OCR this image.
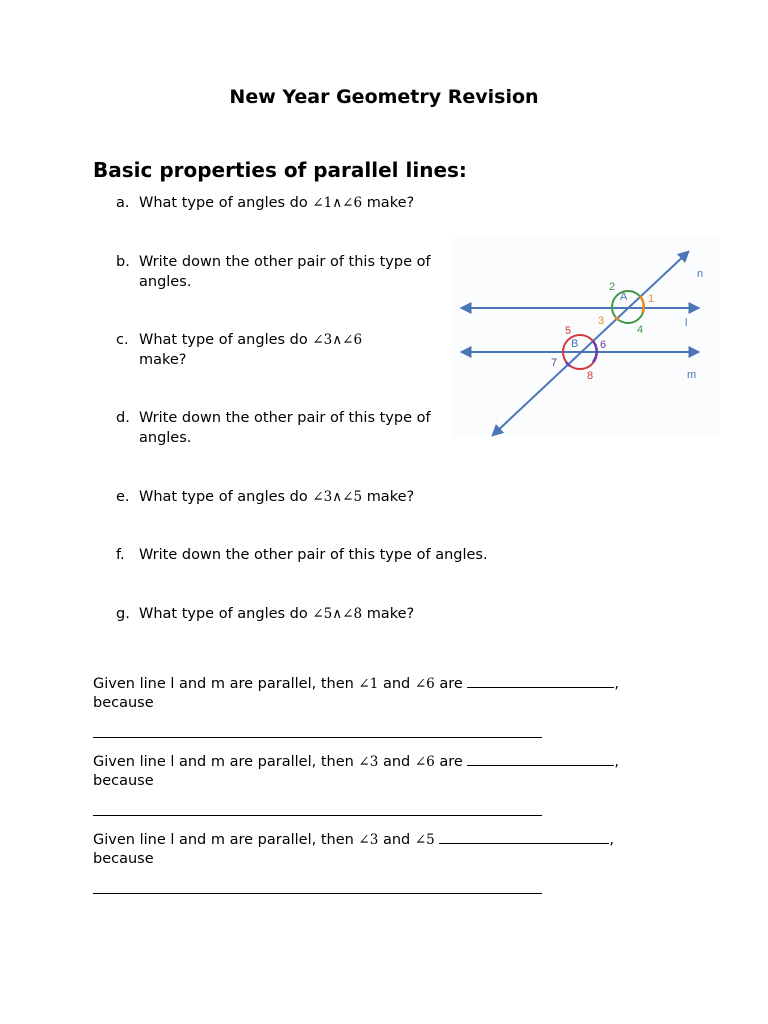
New Year Geometry Revision
Basic properties of parallel lines:
a. What type of angles do ∠1∧∠6 make?
b. Write down the other pair of this type of angles.
c. What type of angles do ∠3∧∠6 make?
d. Write down the other pair of this type of angles.
e. What type of angles do ∠3∧∠5 make?
f. Write down the other pair of this type of angles.
g. What type of angles do ∠5∧∠8 make?
Given line l and m are parallel, then ∠1 and ∠6 are	,
because
Given line l and m are parallel, then ∠3 and ∠6 are	,
because
Given line l and m are parallel, then ∠3 and ∠5	,
because
n
l
m
A
B
1
2
3
4
5
6
7
8
